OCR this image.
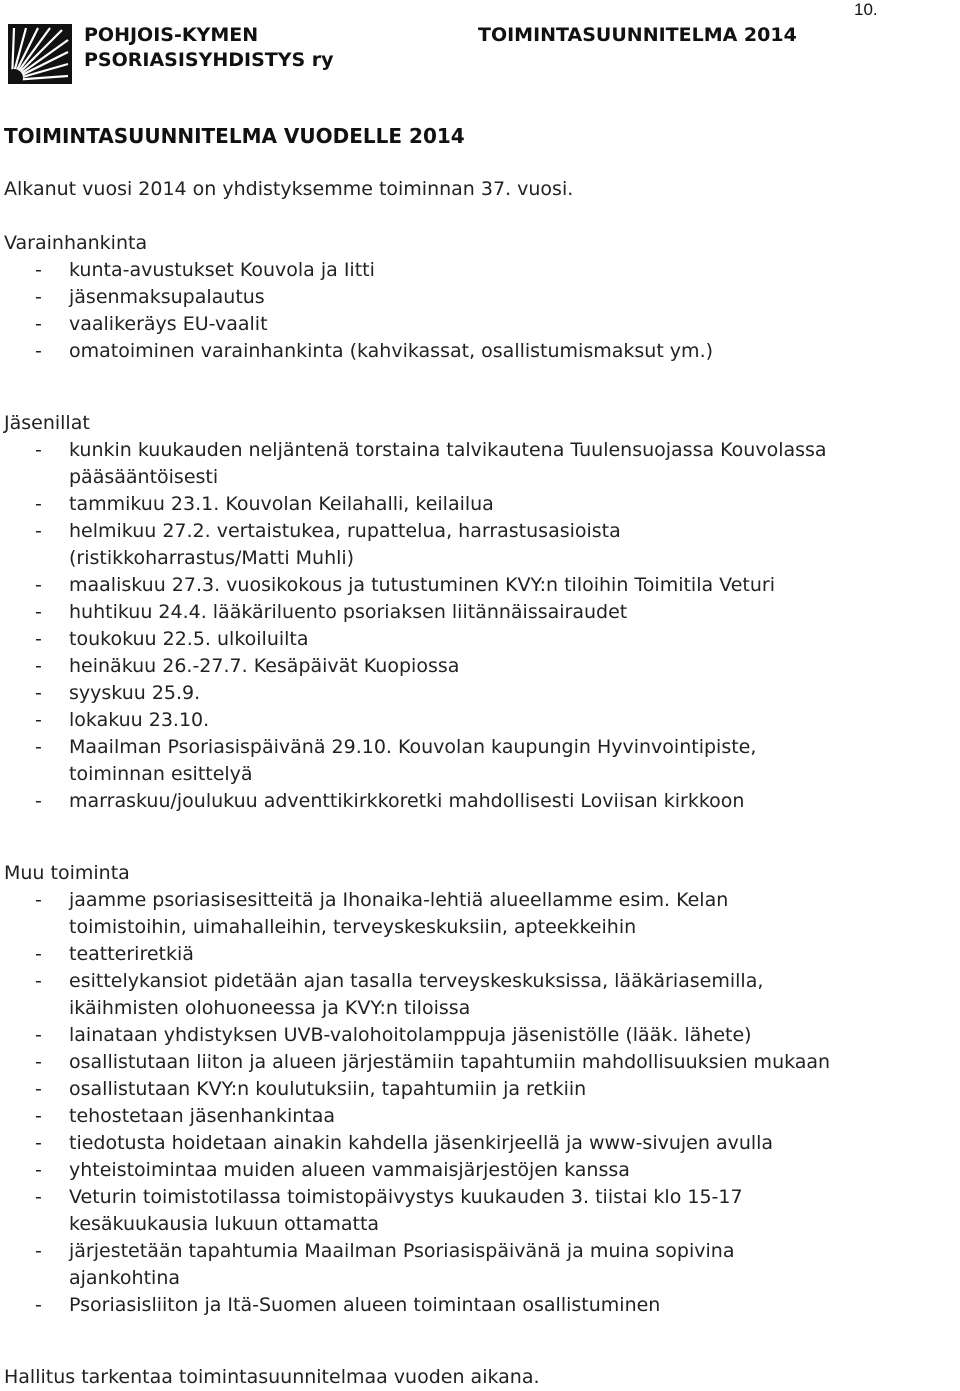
POHJOIS-KYMEN
PSORIASISYHDISTYS ry
TOIMINTASUUNNITELMA 2014
10.
TOIMINTASUUNNITELMA VUODELLE 2014
Alkanut vuosi 2014 on yhdistyksemme toiminnan 37. vuosi.
Varainhankinta
- kunta-avustukset Kouvola ja Iitti
- jäsenmaksupalautus
- vaalikeräys EU-vaalit
- omatoiminen varainhankinta (kahvikassat, osallistumismaksut ym.)
Jäsenillat
- kunkin kuukauden neljäntenä torstaina talvikautena Tuulensuojassa Kouvolassa
pääsääntöisesti
- tammikuu 23.1. Kouvolan Keilahalli, keilailua
- helmikuu 27.2. vertaistukea, rupattelua, harrastusasioista
(ristikkoharrastus/Matti Muhli)
- maaliskuu 27.3. vuosikokous ja tutustuminen KVY:n tiloihin Toimitila Veturi
- huhtikuu 24.4. lääkäriluento psoriaksen liitännäissairaudet
- toukokuu 22.5. ulkoiluilta
- heinäkuu 26.-27.7. Kesäpäivät Kuopiossa
- syyskuu 25.9.
- lokakuu 23.10.
- Maailman Psoriasispäivänä 29.10. Kouvolan kaupungin Hyvinvointipiste,
toiminnan esittelyä
- marraskuu/joulukuu adventtikirkkoretki mahdollisesti Loviisan kirkkoon
Muu toiminta
- jaamme psoriasisesitteitä ja Ihonaika-lehtiä alueellamme esim. Kelan
toimistoihin, uimahalleihin, terveyskeskuksiin, apteekkeihin
- teatteriretkiä
- esittelykansiot pidetään ajan tasalla terveyskeskuksissa, lääkäriasemilla,
ikäihmisten olohuoneessa ja KVY:n tiloissa
- lainataan yhdistyksen UVB-valohoitolamppuja jäsenistölle (lääk. lähete)
- osallistutaan liiton ja alueen järjestämiin tapahtumiin mahdollisuuksien mukaan
- osallistutaan KVY:n koulutuksiin, tapahtumiin ja retkiin
- tehostetaan jäsenhankintaa
- tiedotusta hoidetaan ainakin kahdella jäsenkirjeellä ja www-sivujen avulla
- yhteistoimintaa muiden alueen vammaisjärjestöjen kanssa
- Veturin toimistotilassa toimistopäivystys kuukauden 3. tiistai klo 15-17
kesäkuukausia lukuun ottamatta
- järjestetään tapahtumia Maailman Psoriasispäivänä ja muina sopivina
ajankohtina
- Psoriasisliiton ja Itä-Suomen alueen toimintaan osallistuminen
Hallitus tarkentaa toimintasuunnitelmaa vuoden aikana.
